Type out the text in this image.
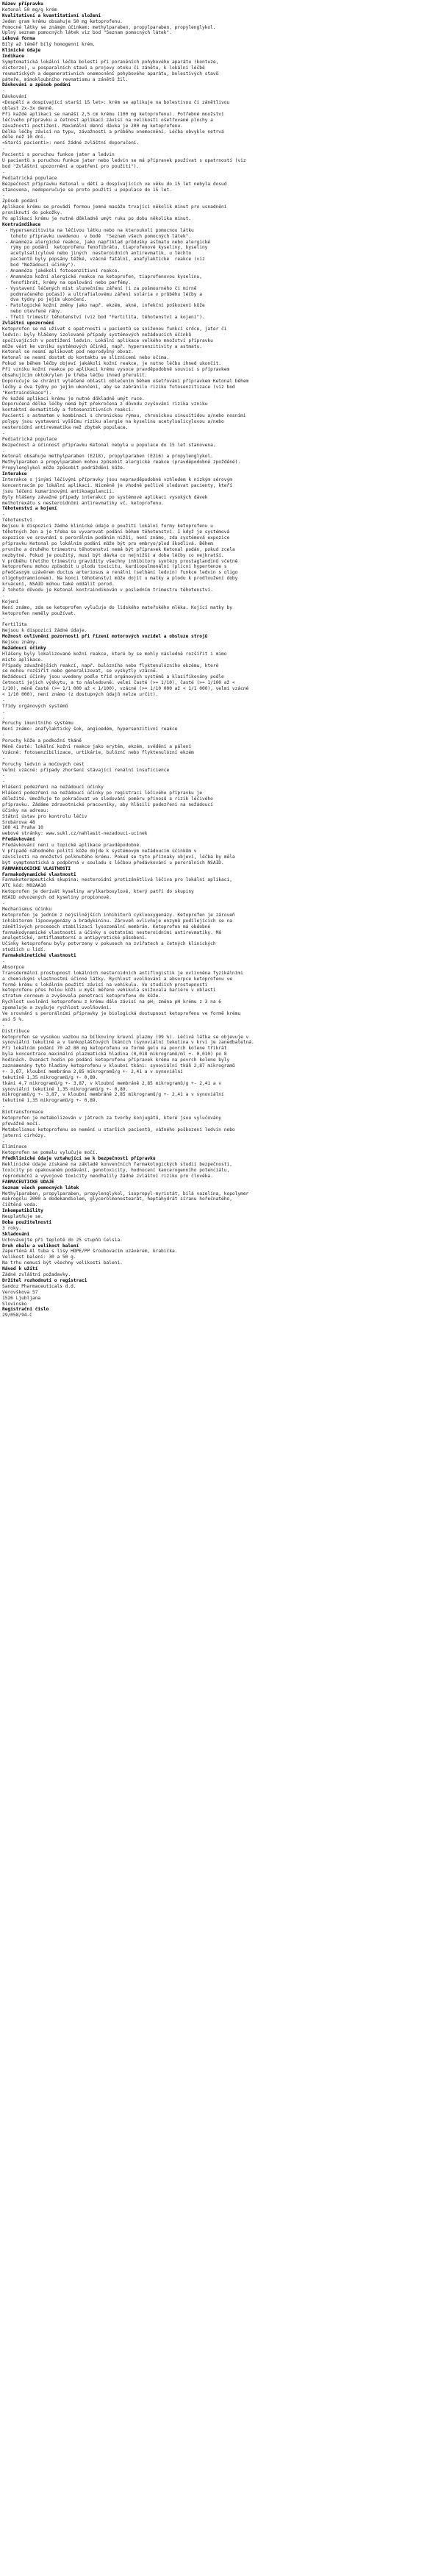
Název přípravku
Ketonal 50 mg/g krém
Kvalitativní a kvantitativní složení
Jeden gram krému obsahuje 50 mg ketoprofenu.
Pomocné látky se známým účinkem: methylparaben, propylparaben, propylenglykol.
Úplný seznam pomocných látek viz bod "Seznam pomocných látek".
Léková forma
Bílý až téměř bílý homogenní krém.
Klinické údaje
Indikace
Symptomatická lokální léčba bolesti při poraněních pohybového aparátu (kontuze,
distorze), u posparalních stavů a projevy otoku či zánětu, k lokální léčbě
revmatických a degenerativních onemocnění pohybového aparátu, bolestivých stavů
páteře, mimokloubního revmatismu a zánětů žil.
Dávkování a způsob podání
-
Dávkování
<Dospělí a dospívající starší 15 let>: krém se aplikuje na bolestivou či zánětlivou
oblast 2x-3x denně.
Při každé aplikaci se nanáší 2,5 cm krému (100 mg ketoprofenu). Potřebné množství
léčivého přípravku a četnost aplikací závisí na velikosti ošetřované plochy a
závažnosti postižení. Maximální denní dávka je 200 mg ketoprofenu.
Délka léčby závisí na typu, závažnosti a průběhu onemocnění. Léčba obvykle netrvá
déle než 10 dní.
<Starší pacienti>: není žádné zvláštní doporučení.
-
Pacienti s poruchou funkce jater a ledvin
U pacientů s poruchou funkce jater nebo ledvin se má přípravek používat s opatrností (viz
bod "Zvláštní upozornění a opatření pro použití").
-
Pediatrická populace
Bezpečnost přípravku Ketonal u dětí a dospívajících ve věku do 15 let nebyla dosud
stanovena, nedoporučuje se proto použití u populace do 15 let.
-
Způsob podání
Aplikace krému se provádí formou jemné masáže trvající několik minut pro usnadnění
proniknutí do pokožky.
Po aplikaci krému je nutné důkladně umýt ruku po dobu několika minut.
Kontraindikace
- Hypersenzitivita na léčivou látku nebo na kteroukoli pomocnou látku
tohoto přípravku uvedenou  v bodě  "Seznam všech pomocných látek".
- Anamnéza alergické reakce, jako například průdušky astmatu nebo alergické
rýmy po podání  ketoprofenu fenofibrátu, tiaprofenové kyseliny, kyseliny
acetylsalicylové nebo jiných  nesteroidních antirevmatik, u těchto
pacientů byly popsány těžké, vzácně fatální, anafylaktické  reakce (viz
bod "Nežádoucí účinky").
- Anamnéza jakékoli fotosenzitivní reakce.
- Anamnéza kožní alergické reakce na ketoprofen, tiaprofenovou kyselinu,
fenofibrát, krémy na opalování nebo parfémy.
- Vystavení léčených míst slunečnímu záření (i za pošmourného či mírně
podmračeného počasí) a ultrafialovému záření solária v průběhu léčby a
dva týdny po jejím ukončení.
- Patologické kožní změny jako např. ekzém, akné, infekční poškození kůže
nebo otevřené rány.
- Třetí trimestr těhotenství (viz bod "Fertilita, těhotenství a kojení").
Zvláštní upozornění
Ketoprofen se má užívat s opatrností u pacientů se sníženou funkcí srdce, jater či
ledvin: byly hlášeny izolované případy systémových nežádoucích účinků
spočívajících v postižení ledvin. Lokální aplikace velkého množství přípravku
může vést ke vzniku systémových účinků, např. hypersenzitivity a astmatu.
Ketonal se nesmí aplikovat pod neprodyšný obvaz.
Ketonal se nesmí dostat do kontaktu se sliznicemi nebo očima.
Pokud se během léčby objeví jakákoli kožní reakce, je nutno léčbu ihned ukončit.
Při vzniku kožní reakce po aplikaci krému vysoce pravděpodobně souvisí s přípravkem
obsahujícím oktokrylen je třeba léčbu ihned přerušit.
Doporučuje se chránit vyléčené oblasti oblečením během ošetřování přípravkem Ketonal během
léčby a dva týdny po jejím ukončení, aby se zabránilo riziku fotosenzitizace (viz bod
"Kontraindikace").
Po každé aplikaci krému je nutné důkladně umýt ruce.
Doporučená délka léčby nemá být překročena z důvodu zvyšování rizika vzniku
kontaktní dermatitidy a fotosenzitivních reakcí.
Pacienti s astmatem v kombinaci s chronickou rýmou, chronickou sinusitidou a/nebo nosními
polypy jsou vystaveni vyššímu riziku alergie na kyselinu acetylsalicylovou a/nebo
nesteroidní antirevmatika než zbytek populace.
-
Pediatrická populace
Bezpečnost a účinnost přípravku Ketonal nebyla u populace do 15 let stanovena.
-
Ketonal obsahuje methylparaben (E218), propylparaben (E216) a propylenglykol.
Methylparaben a propylparaben mohou způsobit alergické reakce (pravděpodobně zpožděné).
Propylenglykol může způsobit podráždění kůže.
Interakce
Interakce s jinými léčivými přípravky jsou nepravděpodobné vzhledem k nízkým sérovým
koncentracím po lokální aplikaci. Nicméně je vhodné pečlivě sledovat pacienty, kteří
jsou léčeni kumarinovými antikoagulancii.
Byly hlášeny závažné případy interakcí po systémové aplikaci vysokých dávek
methotrexátu s nesteroidními antirevmatiky vč. ketoprofenu.
Těhotenství a kojení
-
Těhotenství
Nejsou k dispozici žádné klinické údaje o použití lokální formy ketoprofenu u
těhotných žen a je třeba se vyvarovat podání během těhotenství. I když je systémová
expozice ve srovnání s perorálním podáním nižší, není známo, zda systémová expozice
přípravku Ketonal po lokálním podání může být pro embryo/plod škodlivá. Během
prvního a druhého trimestru těhotenství nemá být přípravek Ketonal podán, pokud zcela
nezbytné. Pokud je použitý, musí být dávka co nejnižší a doba léčby co nejkratší.
V průběhu třetího trimestru gravidity všechny inhibitory syntézy prostaglandinů včetně
ketoprofenu mohou způsobit u plodu toxicitu, kardiopulmonální (plicní hypertenze s
předčasným uzávěrem ductus arteriosus a renální (selhání ledvin) funkce ledvin s oligo
oligohydramnionem). Na konci těhotenství může dojít u matky a plodu k prodloužení doby
krvácení, NSAID mohou také oddálit porod.
Z tohoto důvodu je Ketonal kontraindikován v posledním trimestru těhotenství.
-
Kojení
Není známo, zda se ketoprofen vylučuje do lidského mateřského mléka. Kojící matky by
ketoprofen neměly používat.
-
Fertilita
Nejsou k dispozici žádné údaje.
Možnost ovlivnění pozornosti při řízení motorových vozidel a obsluze strojů
Nejsou známy.
Nežádoucí účinky
Hlášeny byly lokalizované kožní reakce, které by se mohly následně rozšířit i mimo
místo aplikace.
Případy závažnějších reakcí, např. bulózního nebo flyktenulózního ekzému, které
se mohou rozšířit nebo generalizovat, se vyskytly vzácně.
Nežádoucí účinky jsou uvedeny podle tříd orgánových systémů a klasifikovány podle
četnosti jejich výskytu, a to následovně: velmi časté (>= 1/10), časté (>= 1/100 až <
1/10), méně časté (>= 1/1 000 až < 1/100), vzácné (>= 1/10 000 až < 1/1 000), velmi vzácné
< 1/10 000), není známo (z dostupných údajů nelze určit).
-
Třídy orgánových systémů
-
-
Poruchy imunitního systému
Není známo: anafylaktický šok, angioedém, hypersenzitivní reakce
-
Poruchy kůže a podkožní tkáně
Méně časté: lokální kožní reakce jako erytém, ekzém, svědění a pálení
Vzácné: fotosenzibilizace, urtikárie, bulózní nebo flyktenulózní ekzém
-
Poruchy ledvin a močových cest
Velmi vzácné: případy zhoršení stávající renální insuficience
-
-
Hlášení podezření na nežádoucí účinky
Hlášení podezření na nežádoucí účinky po registraci léčivého přípravku je
důležité. Umožňuje to pokračovat ve sledování poměru přínosů a rizik léčivého
přípravku. Žádáme zdravotnické pracovníky, aby hlásili podezření na nežádoucí
účinky na adresu:
Státní ústav pro kontrolu léčiv
Šrobárova 48
100 41 Praha 10
webové stránky: www.sukl.cz/nahlasit-nezadouci-ucinek
Předávkování
Předávkování není u topické aplikace pravděpodobné.
V případě náhodného polití kůže dojde k systémovým nežádoucím účinkům v
závislosti na množství polknutého krému. Pokud se tyto příznaky objeví, léčba by měla
být symptomatická a podpůrná v souladu s léčbou předávkování u perorálních NSAID.
FARMAKOLOGICKÉ VLASTNOSTI
Farmakodynamické vlastnosti
Farmakoterapeutická skupina: nesteroidní protizánětlivá léčiva pro lokální aplikaci,
ATC kód: M02AA10
Ketoprofen je derivát kyseliny arylkarboxylové, který patří do skupiny
NSAID odvozených od kyseliny propionové.
-
Mechanismus účinku
Ketoprofen je jedním z nejsilnějších inhibitorů cyklooxygenázy. Ketoprofen je zároveň
inhibitorem lipooxygenázy a bradykininu. Zároveň ovlivňuje enzymů podílejících se na
zánětlivých procesech stabilizací lysozomální membrán. Ketoprofen má obdobné
farmakodynamické vlastnosti a účinky s ostatními nesteroidními antirevmatiky. Má
analgetické, antiflamatorní a antipyretické působení.
Účinky ketoprofenu byly potvrzeny v pokusech na zvířatech a četných klinických
studiích u lidí.
Farmakokinetické vlastnosti
-
Absorpce
Transdermální prostupnost lokálních nesteroidních antiflogistik je ovlivněna fyzikálními
a chemickými vlastnostmi účinné látky. Rychlost uvolňování a absorpce ketoprofenu ve
formě krému s lokálním použití závisí na vehikulu. Ve studiích prostupnosti
ketoprofenu přes holou kůži u myší měřeno vehikula snižovala bariéru v oblasti
stratum corneum a zvyšovala penetraci ketoprofenu do kůže.
Rychlost uvolnění ketoprofenu z krému dále závisí na pH; změna pH krému z 3 na 6
zpomaluje a zvyšuje rychlost uvolňování.
Ve srovnání s perorálními přípravky je biologická dostupnost ketoprofenu ve formě krému
asi 5 %.
-
Distribuce
Ketoprofen se vysokou vazbou na bílkoviny krevní plazmy (99 %). Léčivá látka se objevuje v
synoviální tekutině a v tenkoplášťových tkáních (synoviální tekutina v krvi je zanedbatelná.
Při lokálním podání 70 až 80 mg ketoprofenu ve formě gelu na povrch kolene třikrát
byla koncentrace maximální plazmatická hladina (0,018 mikrogramů/ml +- 0,010) po 8
hodinách. Dvanáct hodin po podání ketoprofenu přípravek krému na povrch kolene byly
zaznamenány tyto hladiny ketoprofenu v kloubní tkáni: synoviální tkáň 2,87 mikrogramů
+- 3,87, kloubní membrána 2,85 mikrogramů/g +- 2,41 a v synoviální
tekutině 1,35 mikrogramů/g +- 0,89.
tkáni 4,7 mikrogramů/g +- 3,87, v kloubní membráně 2,85 mikrogramů/g +- 2,41 a v
synoviální tekutině 1,35 mikrogramů/g +- 0,89.
mikrogramů/g +- 3,87, v kloubní membráně 2,85 mikrogramů/g +- 2,41 a v synoviální
tekutině 1,35 mikrogramů/g +- 0,89.
-
Biotransformace
Ketoprofen je metabolizován v játrech za tvorby konjugátů, které jsou vylučovány
převážně močí.
Metabolismus ketoprofenu se nemění u starších pacientů, vážného poškození ledvin nebo
jaterní cirhózy.
-
Eliminace
Ketoprofen se pomalu vylučuje močí.
Předklinické údaje vztahující se k bezpečnosti přípravku
Neklinické údaje získané na základě konvenčních farmakologických studií bezpečnosti,
toxicity po opakovaném podávání, genotoxicity, hodnocení kancerogenního potenciálu,
reprodukční a vývojové toxicity neodhalily žádné zvláštní riziko pro člověka.
FARMACEUTICKÉ ÚDAJE
Seznam všech pomocných látek
Methylparaben, propylparaben, propylenglykol, isopropyl-myristát, bílá vazelína, kopolymer
makrogolu 2000 a dodekandiolem, glycerolmonostearát, heptahydrát síranu hořečnatého,
čištěná voda.
Inkompatibility
Neuplatňuje se.
Doba použitelnosti
3 roky.
Skladování
Uchovávejte při teplotě do 25 stupňů Celsia.
Druh obalu a velikost balení
Zapertěná Al tuba s lisy HDPE/PP šroubovacím uzávěrem, krabička.
Velikost balení: 30 a 50 g.
Na trhu nemusí být všechny velikosti balení.
Návod k užití
Žádné zvláštní požadavky.
Držitel rozhodnutí o registraci
Sandoz Pharmaceuticals d.d.
Verovškova 57
1526 Ljubljana
Slovinsko
Registrační číslo
29/058/94-C
